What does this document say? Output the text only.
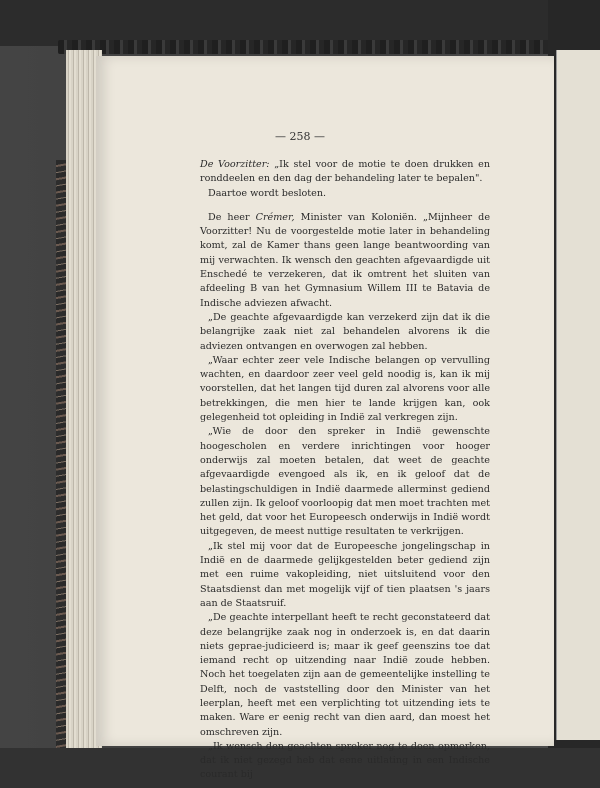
— 258 —

De Voorzitter: „Ik stel voor de motie te doen drukken en ronddeelen en den dag der behandeling later te bepalen".

Daartoe wordt besloten.

De heer Crémer, Minister van Koloniën. „Mijnheer de Voorzitter! Nu de voorgestelde motie later in behandeling komt, zal de Kamer thans geen lange beantwoording van mij verwachten. Ik wensch den geachten afgevaardigde uit Enschedé te verzekeren, dat ik omtrent het sluiten van afdeeling B van het Gymnasium Willem III te Batavia de Indische adviezen afwacht.

„De geachte afgevaardigde kan verzekerd zijn dat ik die belangrijke zaak niet zal behandelen alvorens ik die adviezen ontvangen en overwogen zal hebben.

„Waar echter zeer vele Indische belangen op vervulling wachten, en daardoor zeer veel geld noodig is, kan ik mij voorstellen, dat het langen tijd duren zal alvorens voor alle betrekkingen, die men hier te lande krijgen kan, ook gelegenheid tot opleiding in Indië zal verkregen zijn.

„Wie de door den spreker in Indië gewenschte hoogescholen en verdere inrichtingen voor hooger onderwijs zal moeten betalen, dat weet de geachte afgevaardigde evengoed als ik, en ik geloof dat de belastingschuldigen in Indië daarmede allerminst gediend zullen zijn. Ik geloof voorloopig dat men moet trachten met het geld, dat voor het Europeesch onderwijs in Indië wordt uitgegeven, de meest nuttige resultaten te verkrijgen.

„Ik stel mij voor dat de Europeesche jongelingschap in Indië en de daarmede gelijkgestelden beter gediend zijn met een ruime vakopleiding, niet uitsluitend voor den Staatsdienst dan met mogelijk vijf of tien plaatsen 's jaars aan de Staatsruif.

„De geachte interpellant heeft te recht geconstateerd dat deze belangrijke zaak nog in onderzoek is, en dat daarin niets geprae-judicieerd is; maar ik geef geenszins toe dat iemand recht op uitzending naar Indië zoude hebben. Noch het toegelaten zijn aan de gemeentelijke instelling te Delft, noch de vaststelling door den Minister van het leerplan, heeft met een verplichting tot uitzending iets te maken. Ware er eenig recht van dien aard, dan moest het omschreven zijn.

„Ik wensch den geachten spreker nog te doen opmerken, dat ik niet gezegd heb dat eene uitlating in een Indische courant bij
